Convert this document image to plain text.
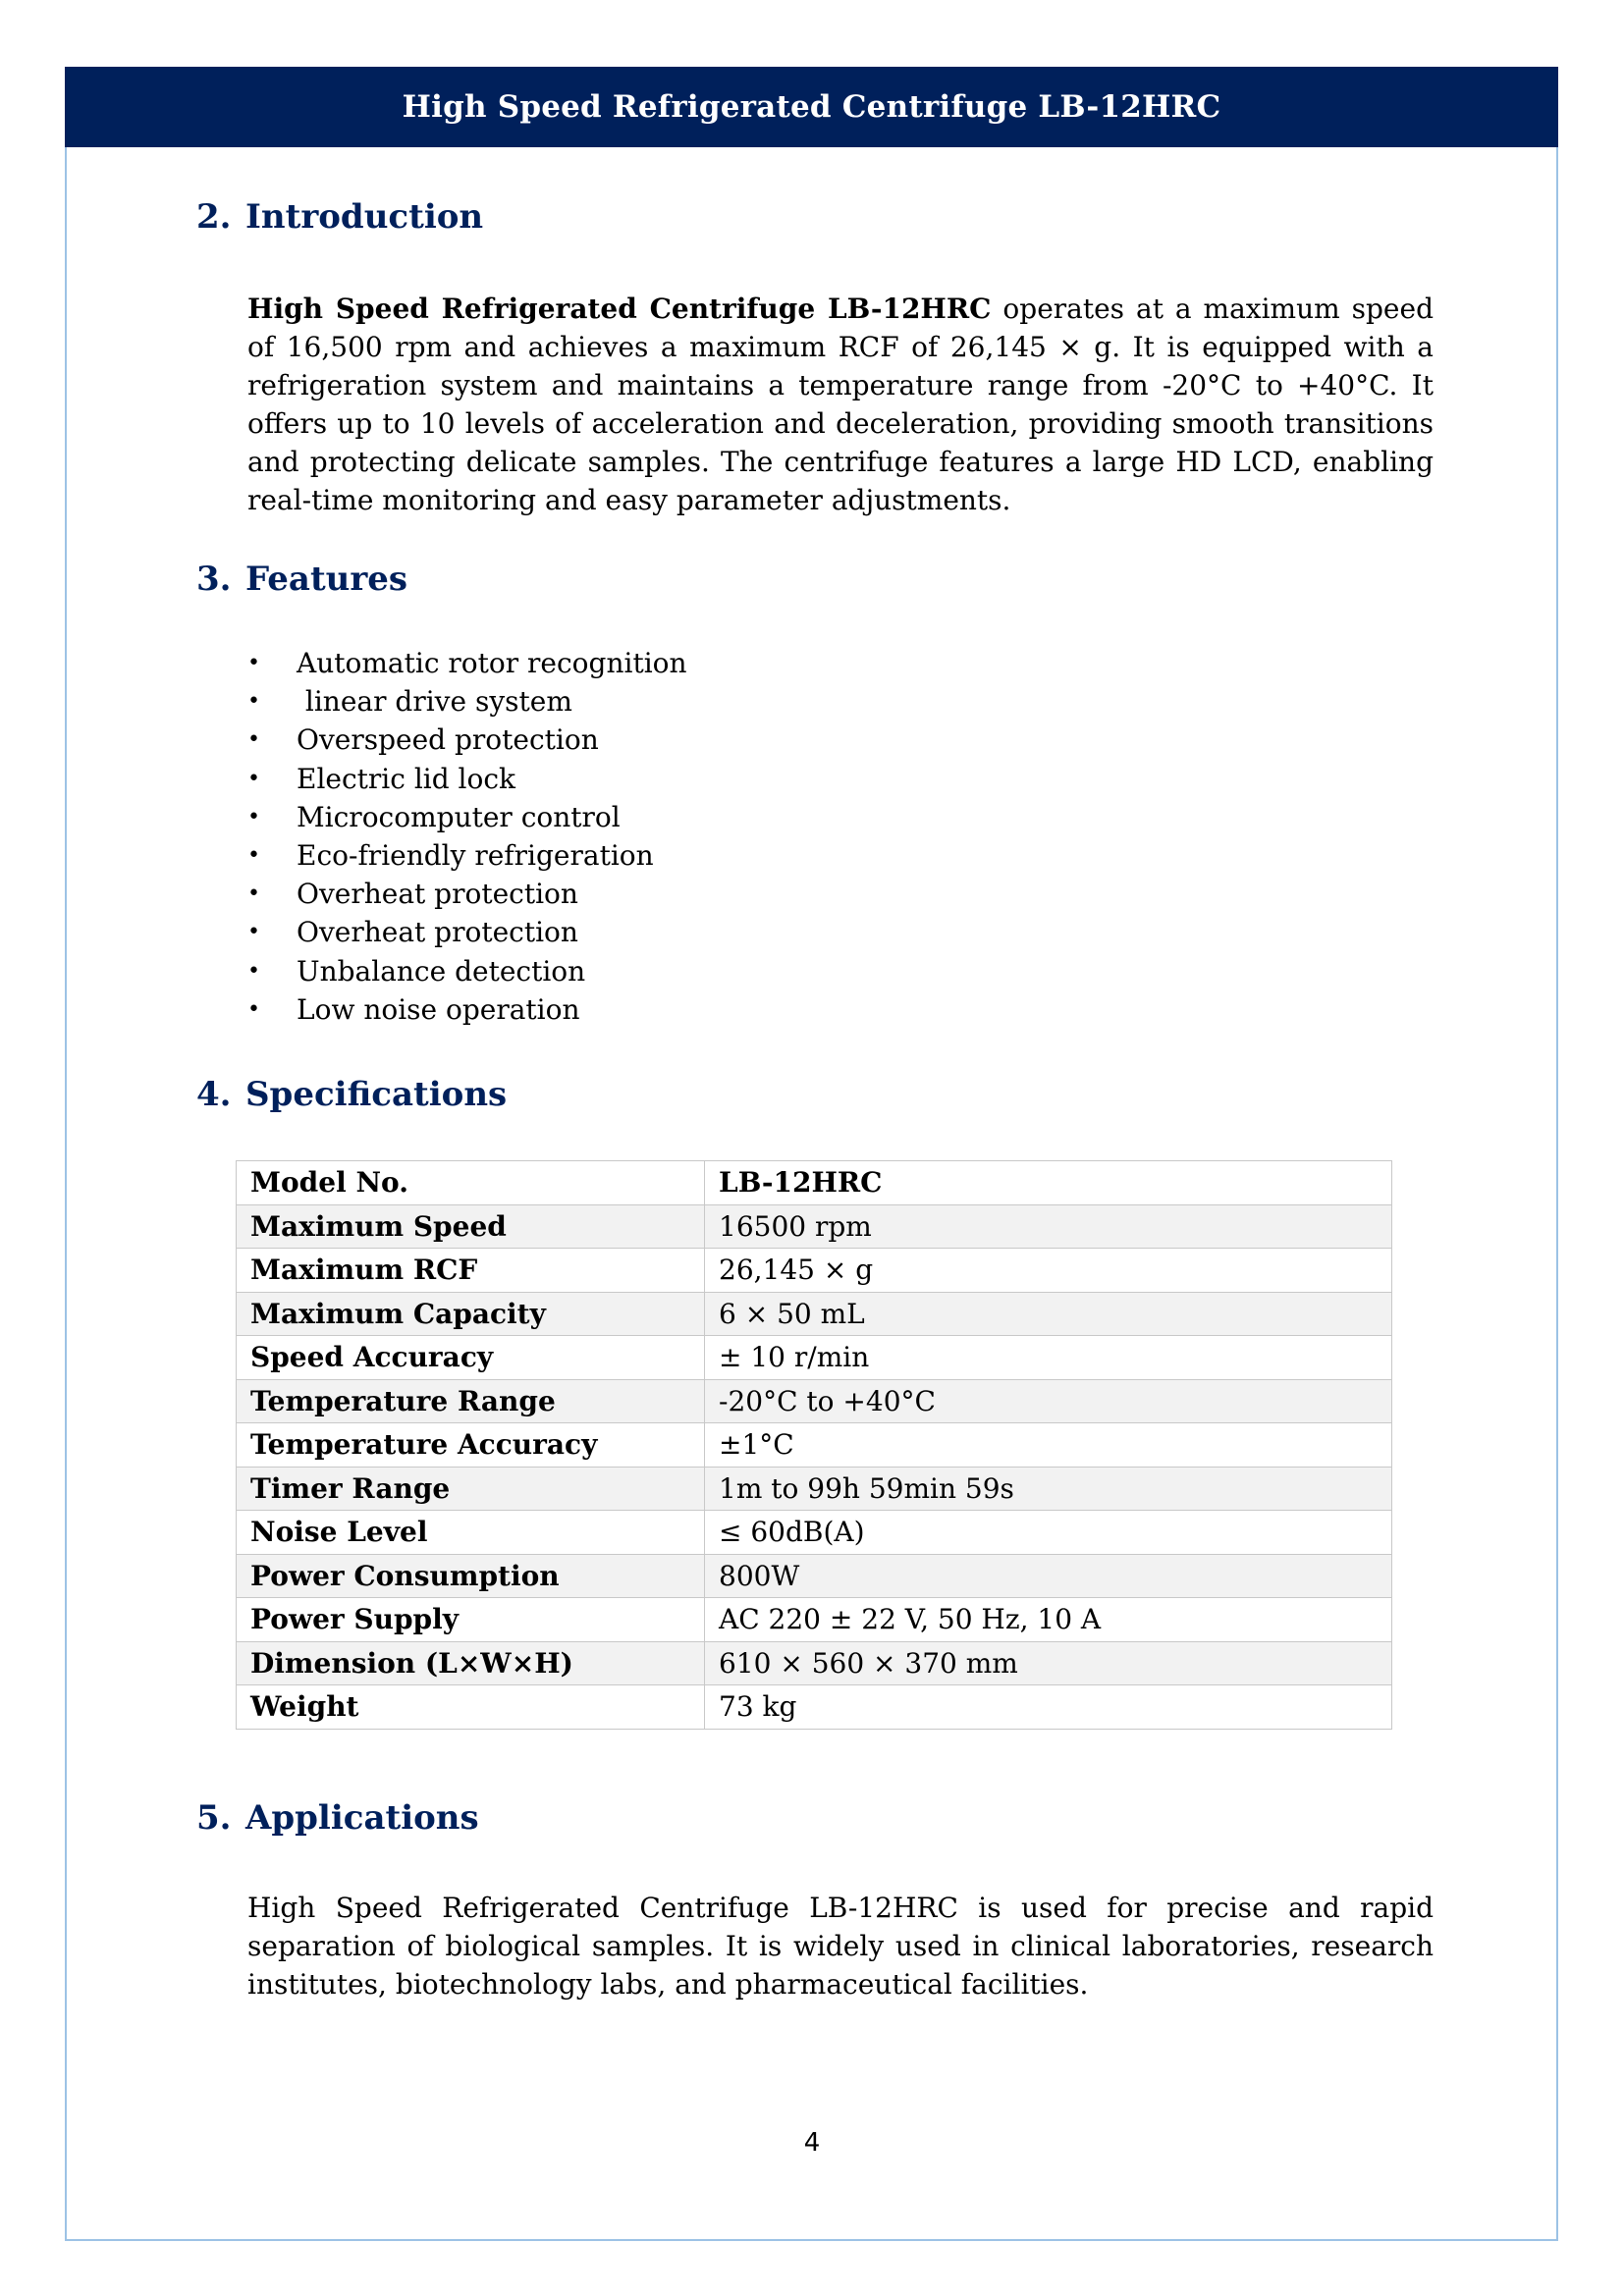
High Speed Refrigerated Centrifuge LB-12HRC
2. Introduction

High Speed Refrigerated Centrifuge LB-12HRC operates at a maximum speed of 16,500 rpm and achieves a maximum RCF of 26,145 × g. It is equipped with a refrigeration system and maintains a temperature range from -20°C to +40°C. It offers up to 10 levels of acceleration and deceleration, providing smooth transitions and protecting delicate samples. The centrifuge features a large HD LCD, enabling real-time monitoring and easy parameter adjustments.

3. Features
• Automatic rotor recognition
• linear drive system
• Overspeed protection
• Electric lid lock
• Microcomputer control
• Eco-friendly refrigeration
• Overheat protection
• Overheat protection
• Unbalance detection
• Low noise operation
4. Specifications
Model No.	LB-12HRC
Maximum Speed	16500 rpm
Maximum RCF	26,145 × g
Maximum Capacity	6 × 50 mL
Speed Accuracy	± 10 r/min
Temperature Range	-20°C to +40°C
Temperature Accuracy	±1°C
Timer Range	1m to 99h 59min 59s
Noise Level	≤ 60dB(A)
Power Consumption	800W
Power Supply	AC 220 ± 22 V, 50 Hz, 10 A
Dimension (L×W×H)	610 × 560 × 370 mm
Weight	73 kg
5. Applications

High Speed Refrigerated Centrifuge LB-12HRC is used for precise and rapid separation of biological samples. It is widely used in clinical laboratories, research institutes, biotechnology labs, and pharmaceutical facilities.

4
